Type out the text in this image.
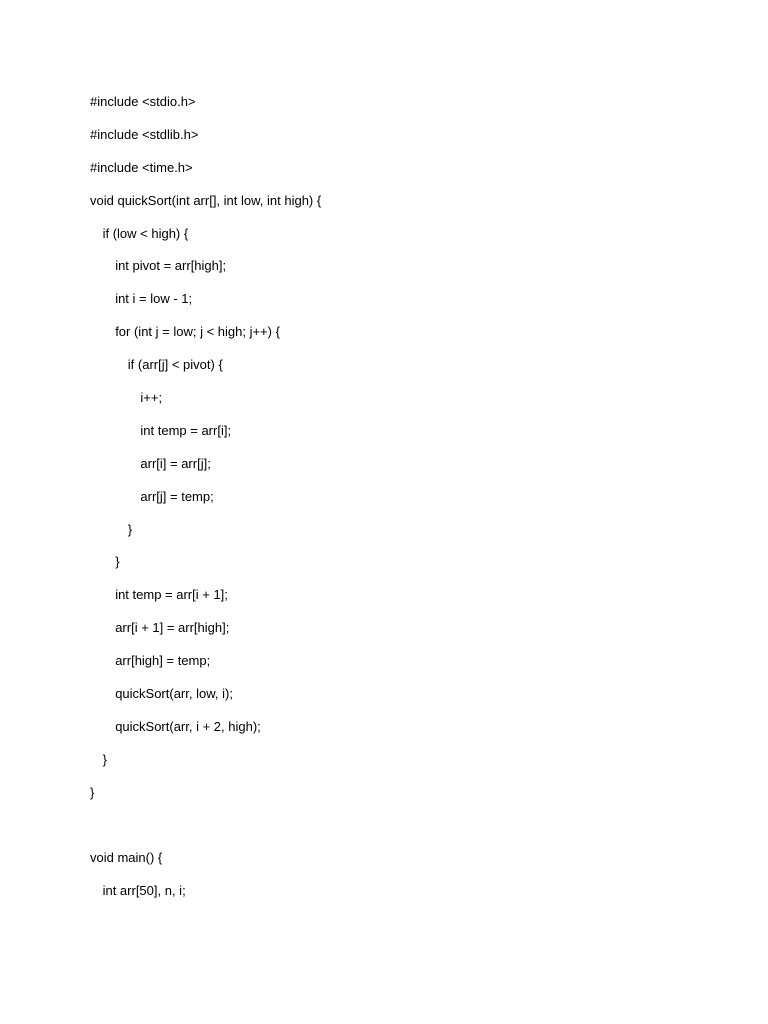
#include <stdio.h>
#include <stdlib.h>
#include <time.h>
void quickSort(int arr[], int low, int high) {
if (low < high) {
int pivot = arr[high];
int i = low - 1;
for (int j = low; j < high; j++) {
if (arr[j] < pivot) {
i++;
int temp = arr[i];
arr[i] = arr[j];
arr[j] = temp;
}
}
int temp = arr[i + 1];
arr[i + 1] = arr[high];
arr[high] = temp;
quickSort(arr, low, i);
quickSort(arr, i + 2, high);
}
}
void main() {
int arr[50], n, i;
